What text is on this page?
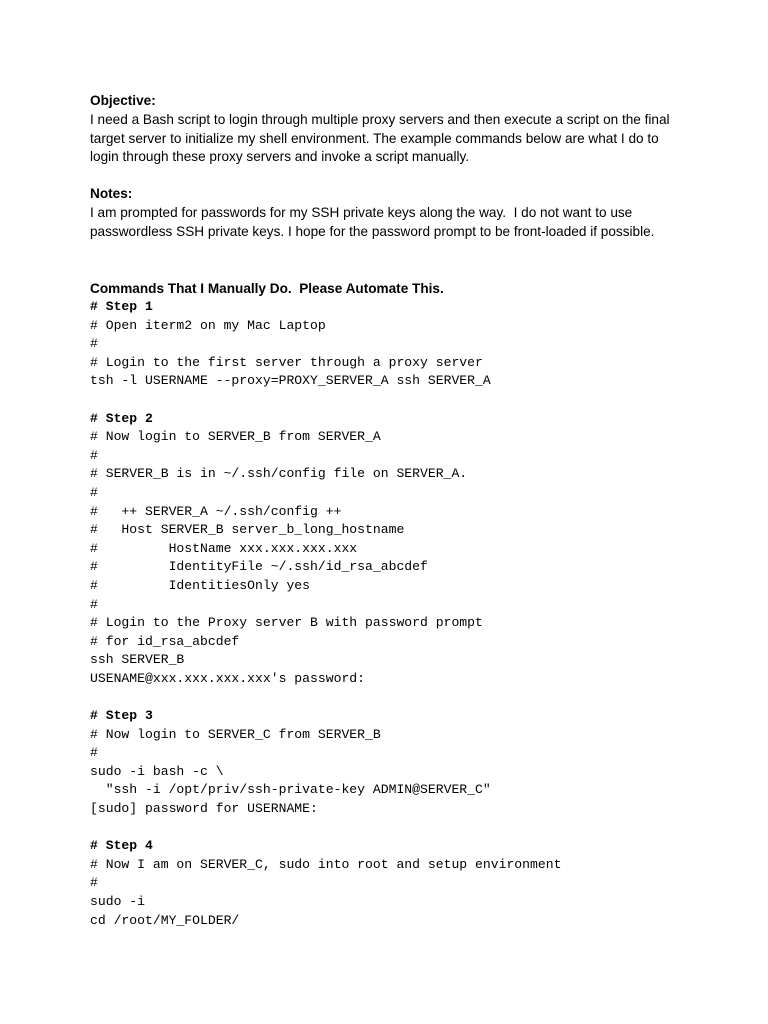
Objective:

I need a Bash script to login through multiple proxy servers and then execute a script on the final target server to initialize my shell environment. The example commands below are what I do to login through these proxy servers and invoke a script manually.

Notes:

I am prompted for passwords for my SSH private keys along the way.  I do not want to use passwordless SSH private keys. I hope for the password prompt to be front-loaded if possible.

Commands That I Manually Do.  Please Automate This.

# Step 1
# Open iterm2 on my Mac Laptop
#
# Login to the first server through a proxy server
tsh -l USERNAME --proxy=PROXY_SERVER_A ssh SERVER_A
# Step 2
# Now login to SERVER_B from SERVER_A
#
# SERVER_B is in ~/.ssh/config file on SERVER_A.
#
#   ++ SERVER_A ~/.ssh/config ++
#   Host SERVER_B server_b_long_hostname
#         HostName xxx.xxx.xxx.xxx
#         IdentityFile ~/.ssh/id_rsa_abcdef
#         IdentitiesOnly yes
#
# Login to the Proxy server B with password prompt
# for id_rsa_abcdef
ssh SERVER_B
USENAME@xxx.xxx.xxx.xxx's password:
# Step 3
# Now login to SERVER_C from SERVER_B
#
sudo -i bash -c \
"ssh -i /opt/priv/ssh-private-key ADMIN@SERVER_C"
[sudo] password for USERNAME:
# Step 4
# Now I am on SERVER_C, sudo into root and setup environment
#
sudo -i
cd /root/MY_FOLDER/
